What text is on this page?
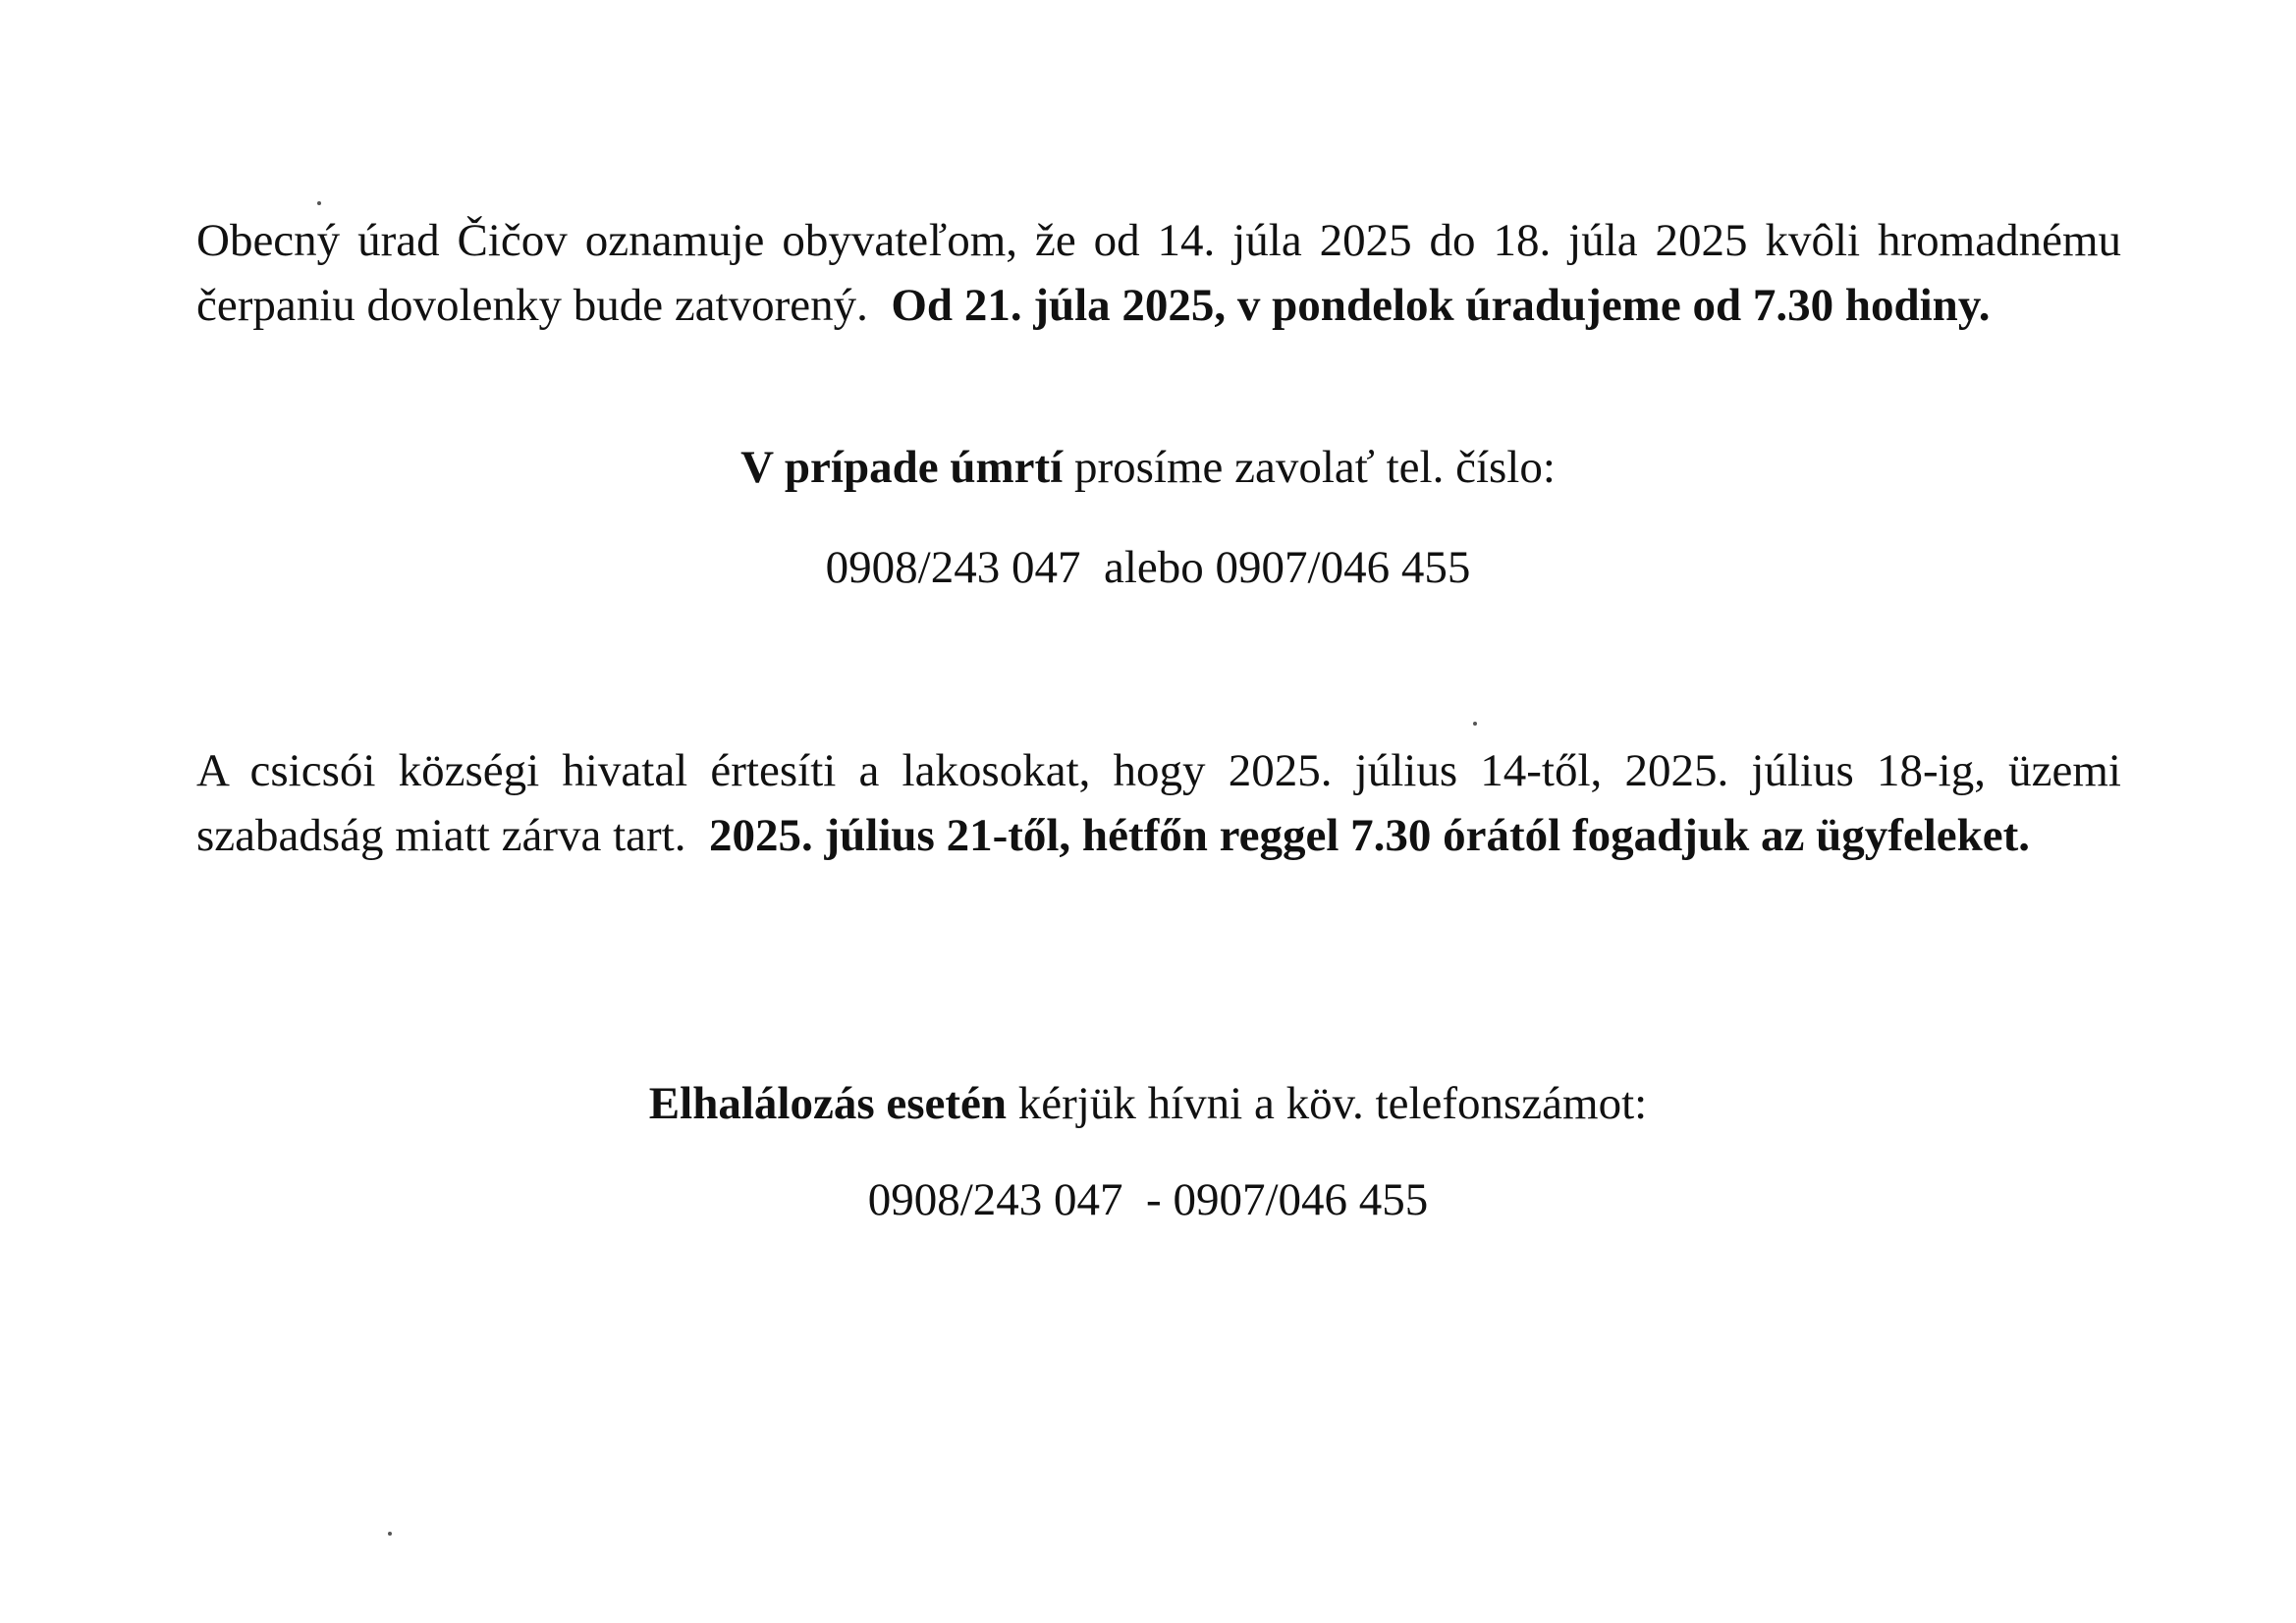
Obecný úrad Čičov oznamuje obyvateľom, že od 14. júla 2025 do 18. júla 2025 kvôli hromadnému čerpaniu dovolenky bude zatvorený. Od 21. júla 2025, v pondelok úradujeme od 7.30 hodiny.
V prípade úmrtí prosíme zavolať tel. číslo:
0908/243 047  alebo 0907/046 455
A csicsói községi hivatal értesíti a lakosokat, hogy 2025. július 14-től, 2025. július 18-ig, üzemi szabadság miatt zárva tart. 2025. július 21-től, hétfőn reggel 7.30 órától fogadjuk az ügyfeleket.
Elhalálozás esetén kérjük hívni a köv. telefonszámot:
0908/243 047  - 0907/046 455
